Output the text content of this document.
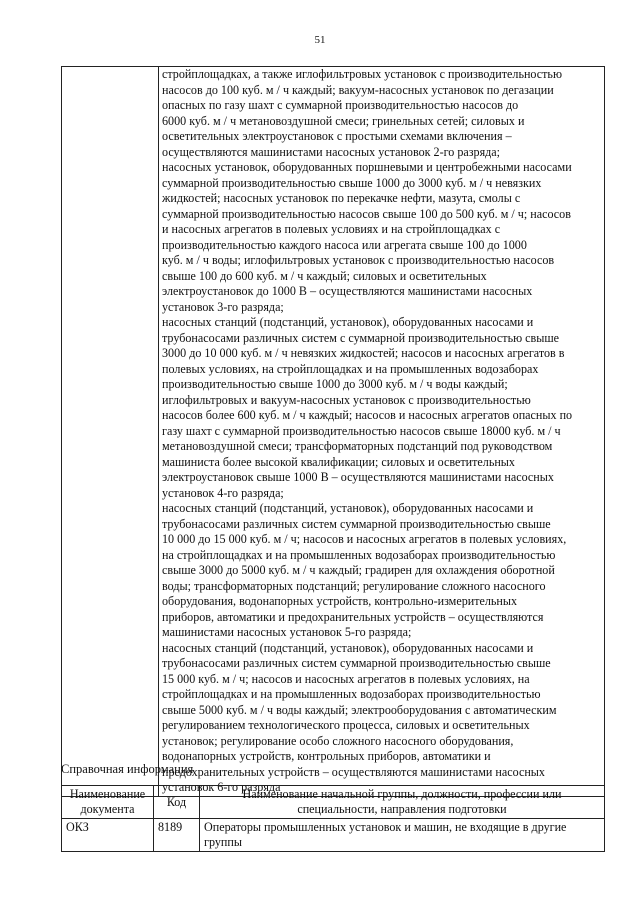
51

стройплощадках, а также иглофильтровых установок с производительностью
насосов до 100 куб. м / ч каждый; вакуум-насосных установок по дегазации
опасных по газу шахт с суммарной производительностью насосов до
6000 куб. м / ч метановоздушной смеси; гринельных сетей; силовых и
осветительных электроустановок с простыми схемами включения –
осуществляются машинистами насосных установок 2-го разряда;
насосных установок, оборудованных поршневыми и центробежными насосами
суммарной производительностью свыше 1000 до 3000 куб. м / ч невязких
жидкостей; насосных установок по перекачке нефти, мазута, смолы с
суммарной производительностью насосов свыше 100 до 500 куб. м / ч; насосов
и насосных агрегатов в полевых условиях и на стройплощадках с
производительностью каждого насоса или агрегата свыше 100 до 1000
куб. м / ч воды; иглофильтровых установок с производительностью насосов
свыше 100 до 600 куб. м / ч каждый; силовых и осветительных
электроустановок до 1000 В – осуществляются машинистами насосных
установок 3-го разряда;
насосных станций (подстанций, установок), оборудованных насосами и
трубонасосами различных систем с суммарной производительностью свыше
3000 до 10 000 куб. м / ч невязких жидкостей; насосов и насосных агрегатов в
полевых условиях, на стройплощадках и на промышленных водозаборах
производительностью свыше 1000 до 3000 куб. м / ч воды каждый;
иглофильтровых и вакуум-насосных установок с производительностью
насосов более 600 куб. м / ч каждый; насосов и насосных агрегатов опасных по
газу шахт с суммарной производительностью насосов свыше 18000 куб. м / ч
метановоздушной смеси; трансформаторных подстанций под руководством
машиниста более высокой квалификации; силовых и осветительных
электроустановок свыше 1000 В – осуществляются машинистами насосных
установок 4-го разряда;
насосных станций (подстанций, установок), оборудованных насосами и
трубонасосами различных систем суммарной производительностью свыше
10 000 до 15 000 куб. м / ч; насосов и насосных агрегатов в полевых условиях,
на стройплощадках и на промышленных водозаборах производительностью
свыше 3000 до 5000 куб. м / ч каждый; градирен для охлаждения оборотной
воды; трансформаторных подстанций; регулирование сложного насосного
оборудования, водонапорных устройств, контрольно-измерительных
приборов, автоматики и предохранительных устройств – осуществляются
машинистами насосных установок 5-го разряда;
насосных станций (подстанций, установок), оборудованных насосами и
трубонасосами различных систем суммарной производительностью свыше
15 000 куб. м / ч; насосов и насосных агрегатов в полевых условиях, на
стройплощадках и на промышленных водозаборах производительностью
свыше 5000 куб. м / ч воды каждый; электрооборудования с автоматическим
регулированием технологического процесса, силовых и осветительных
установок; регулирование особо сложного насосного оборудования,
водонапорных устройств, контрольных приборов, автоматики и
предохранительных устройств – осуществляются машинистами насосных
установок 6-го разряда
Справочная информация
Наименование документа	Код	Наименование начальной группы, должности, профессии или специальности, направления подготовки
ОКЗ	8189	Операторы промышленных установок и машин, не входящие в другие группы
